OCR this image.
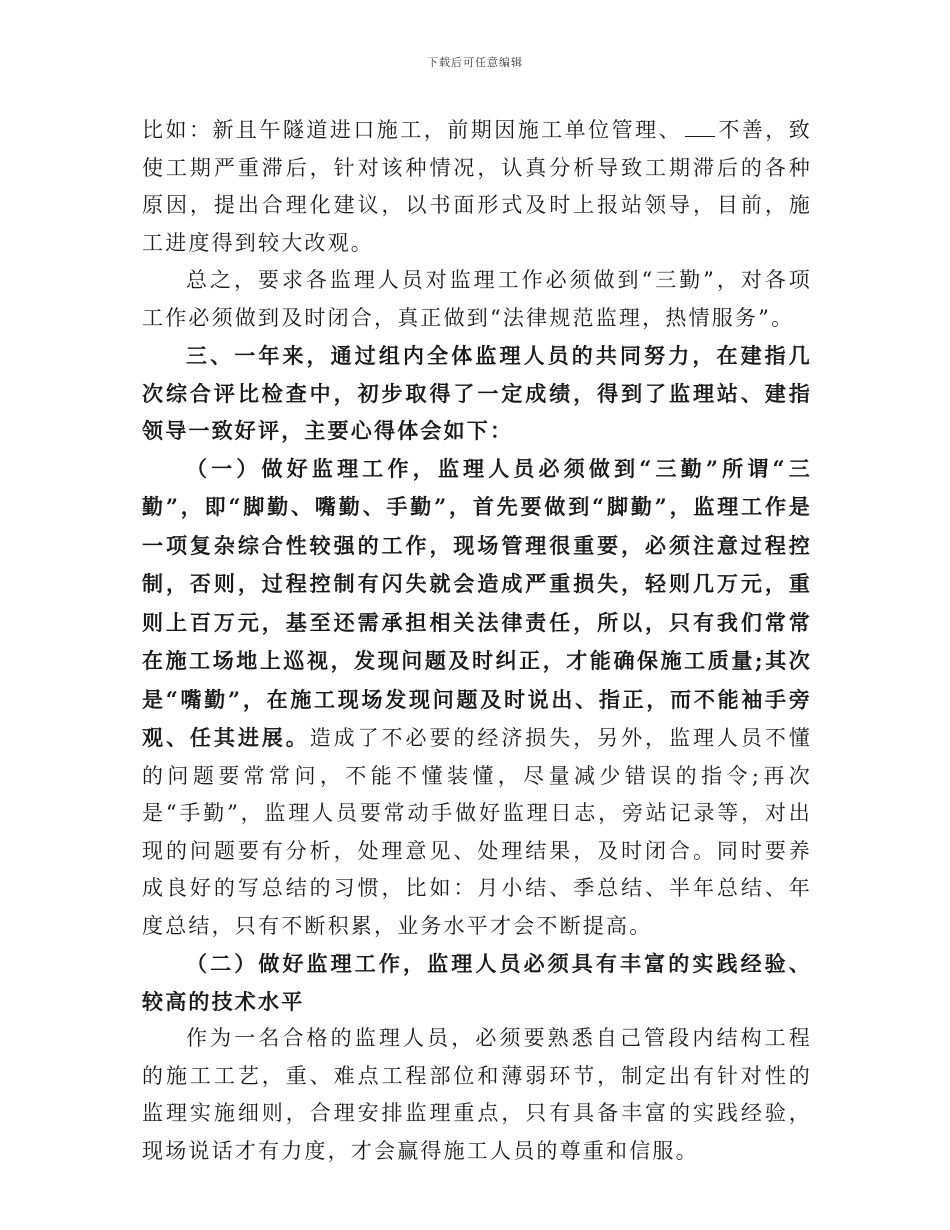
下载后可任意编辑

比如：新且午隧道进口施工，前期因施工单位管理、 不善，致使工期严重滞后，针对该种情况，认真分析导致工期滞后的各种原因，提出合理化建议，以书面形式及时上报站领导，目前，施工进度得到较大改观。

总之，要求各监理人员对监理工作必须做到“三勤”，对各项工作必须做到及时闭合，真正做到“法律规范监理，热情服务”。

三、一年来，通过组内全体监理人员的共同努力，在建指几次综合评比检查中，初步取得了一定成绩，得到了监理站、建指领导一致好评，主要心得体会如下：

（一）做好监理工作，监理人员必须做到“三勤”所谓“三勤”，即“脚勤、嘴勤、手勤”，首先要做到“脚勤”，监理工作是一项复杂综合性较强的工作，现场管理很重要，必须注意过程控制，否则，过程控制有闪失就会造成严重损失，轻则几万元，重则上百万元，基至还需承担相关法律责任，所以，只有我们常常在施工场地上巡视，发现问题及时纠正，才能确保施工质量;其次是“嘴勤”，在施工现场发现问题及时说出、指正，而不能袖手旁观、任其进展。造成了不必要的经济损失，另外，监理人员不懂的问题要常常问，不能不懂装懂，尽量减少错误的指令;再次是“手勤”，监理人员要常动手做好监理日志，旁站记录等，对出现的问题要有分析，处理意见、处理结果，及时闭合。同时要养成良好的写总结的习惯，比如：月小结、季总结、半年总结、年度总结，只有不断积累，业务水平才会不断提高。

（二）做好监理工作，监理人员必须具有丰富的实践经验、较高的技术水平

作为一名合格的监理人员，必须要熟悉自己管段内结构工程的施工工艺，重、难点工程部位和薄弱环节，制定出有针对性的监理实施细则，合理安排监理重点，只有具备丰富的实践经验，现场说话才有力度，才会赢得施工人员的尊重和信服。
